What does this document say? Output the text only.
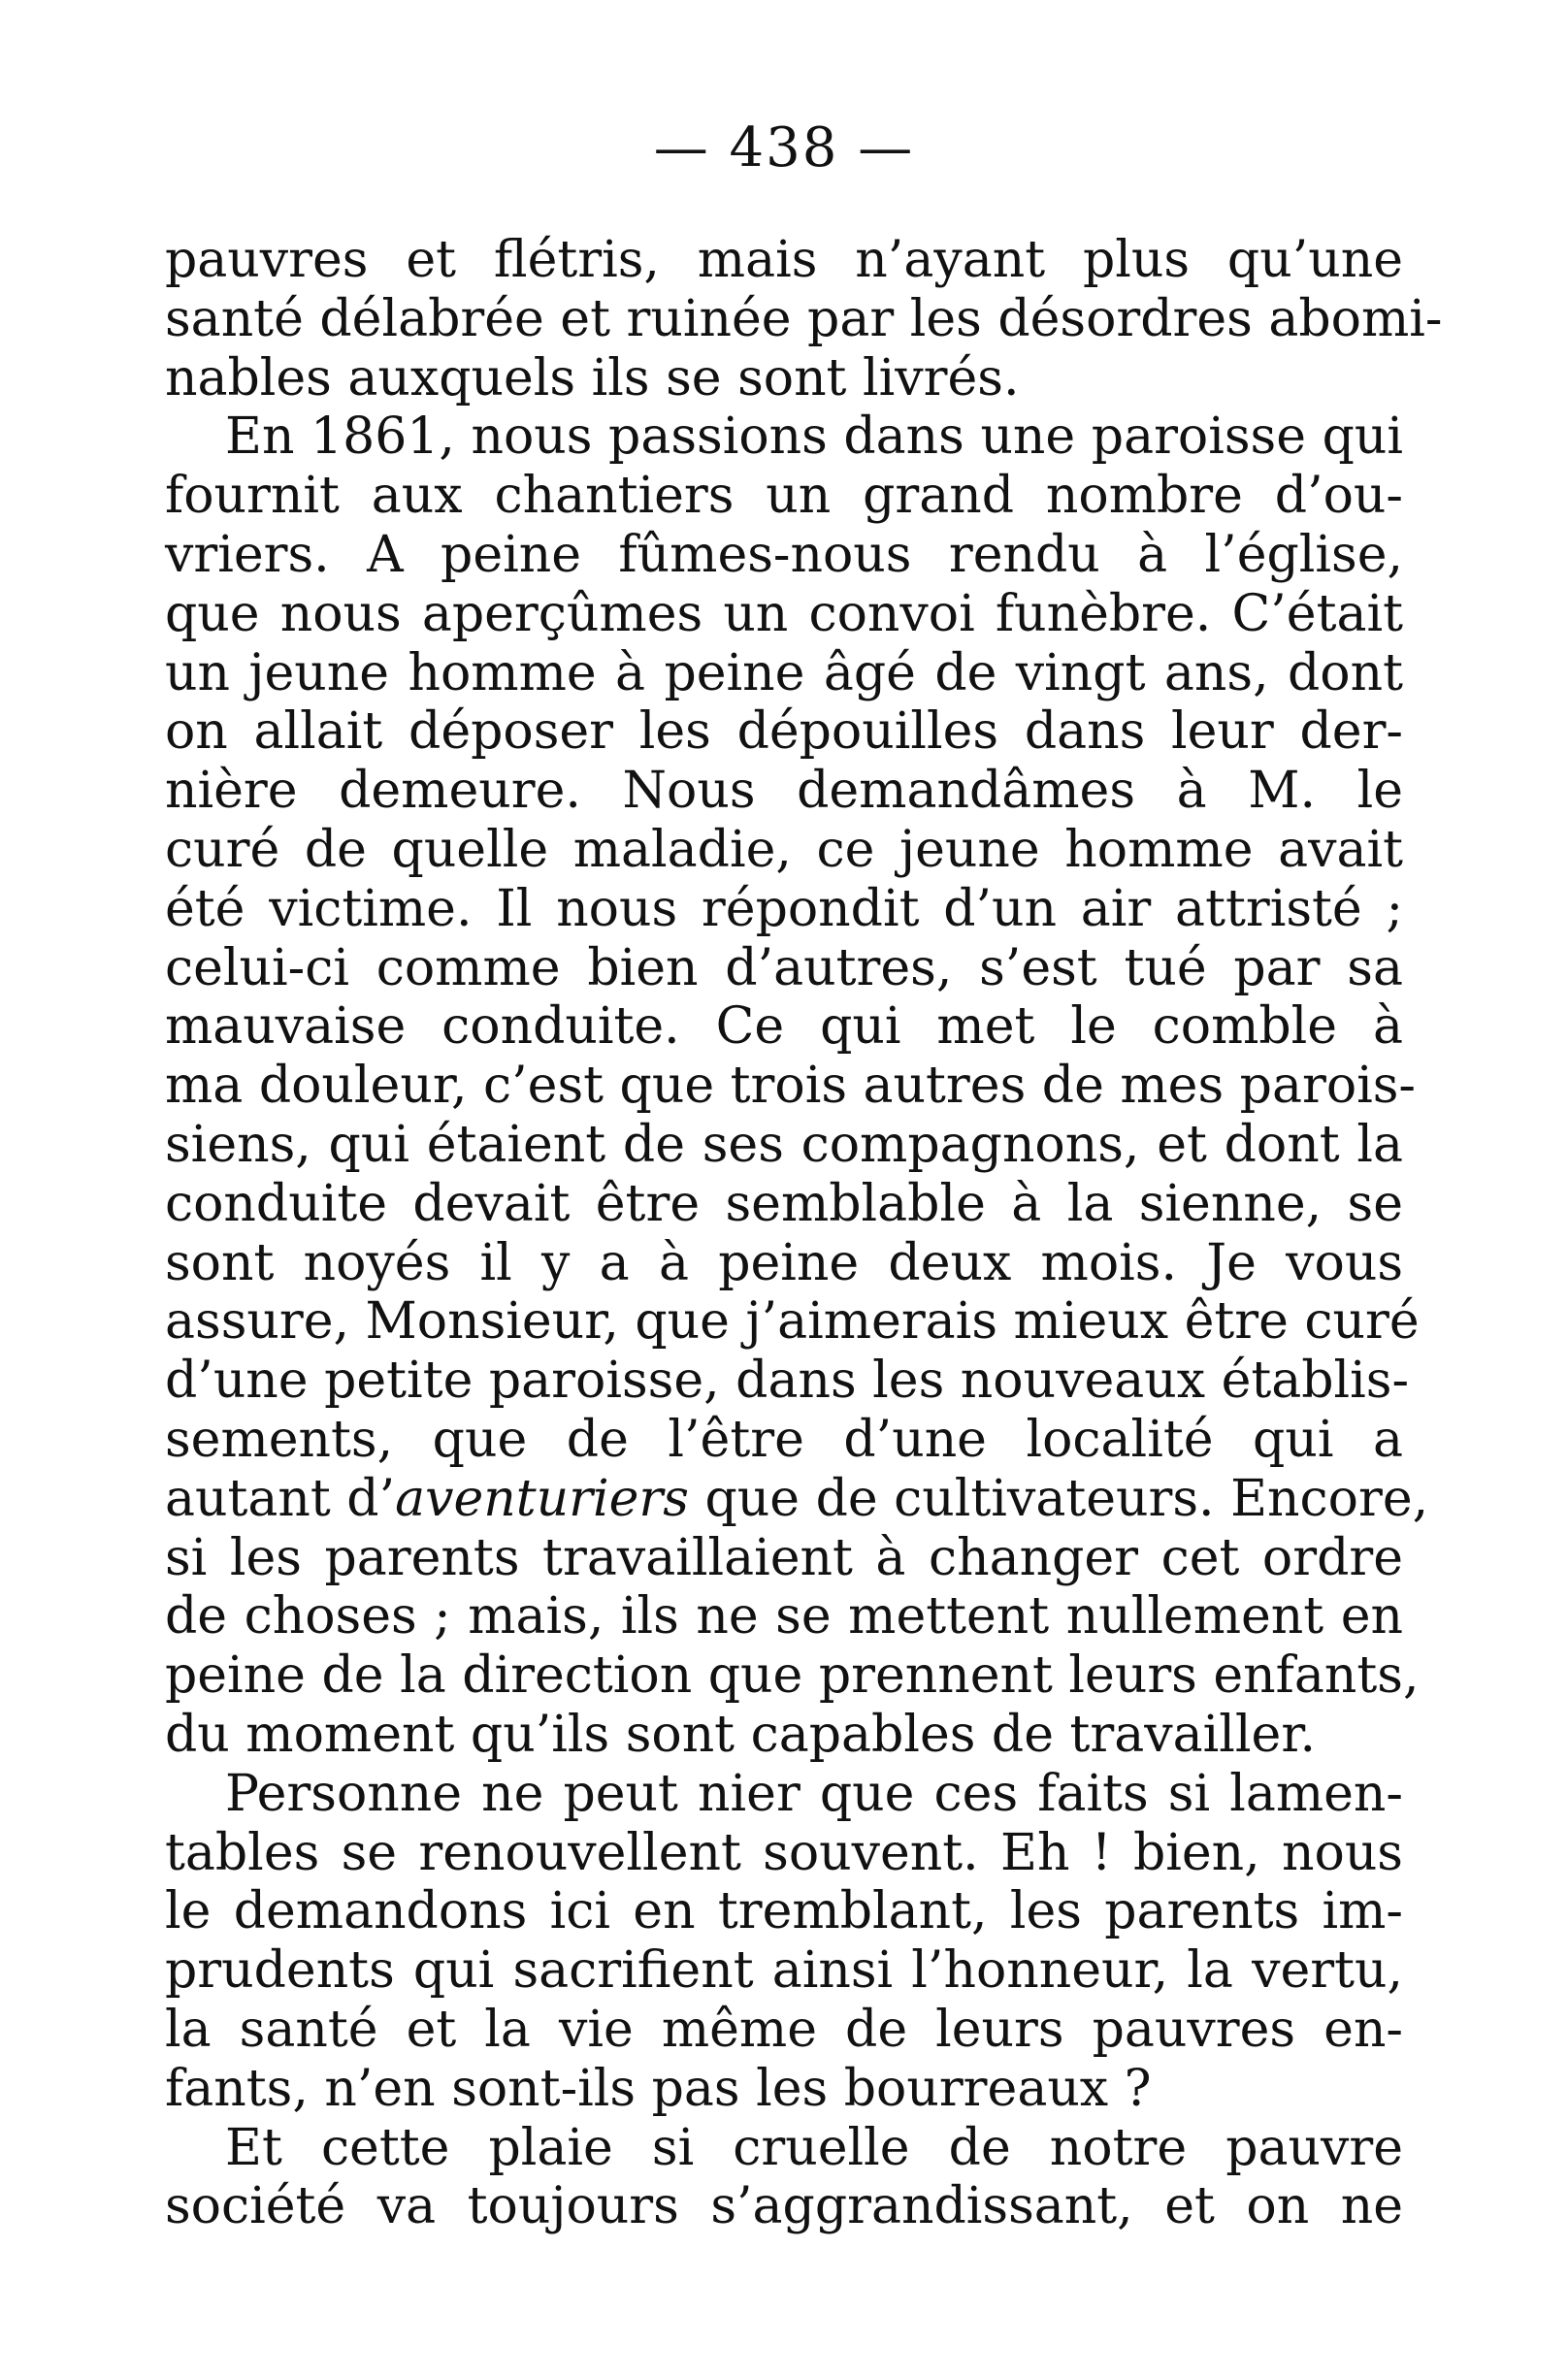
— 438 —
pauvres et flétris, mais n’ayant plus qu’une
santé délabrée et ruinée par les désordres abomi-
nables auxquels ils se sont livrés.
En 1861, nous passions dans une paroisse qui
fournit aux chantiers un grand nombre d’ou-
vriers. A peine fûmes-nous rendu à l’église,
que nous aperçûmes un convoi funèbre. C’était
un jeune homme à peine âgé de vingt ans, dont
on allait déposer les dépouilles dans leur der-
nière demeure. Nous demandâmes à M. le
curé de quelle maladie, ce jeune homme avait
été victime. Il nous répondit d’un air attristé ;
celui-ci comme bien d’autres, s’est tué par sa
mauvaise conduite. Ce qui met le comble à
ma douleur, c’est que trois autres de mes parois-
siens, qui étaient de ses compagnons, et dont la
conduite devait être semblable à la sienne, se
sont noyés il y a à peine deux mois. Je vous
assure, Monsieur, que j’aimerais mieux être curé
d’une petite paroisse, dans les nouveaux établis-
sements, que de l’être d’une localité qui a
autant d’aventuriers que de cultivateurs. Encore,
si les parents travaillaient à changer cet ordre
de choses ; mais, ils ne se mettent nullement en
peine de la direction que prennent leurs enfants,
du moment qu’ils sont capables de travailler.
Personne ne peut nier que ces faits si lamen-
tables se renouvellent souvent. Eh ! bien, nous
le demandons ici en tremblant, les parents im-
prudents qui sacrifient ainsi l’honneur, la vertu,
la santé et la vie même de leurs pauvres en-
fants, n’en sont-ils pas les bourreaux ?
Et cette plaie si cruelle de notre pauvre
société va toujours s’aggrandissant, et on ne
